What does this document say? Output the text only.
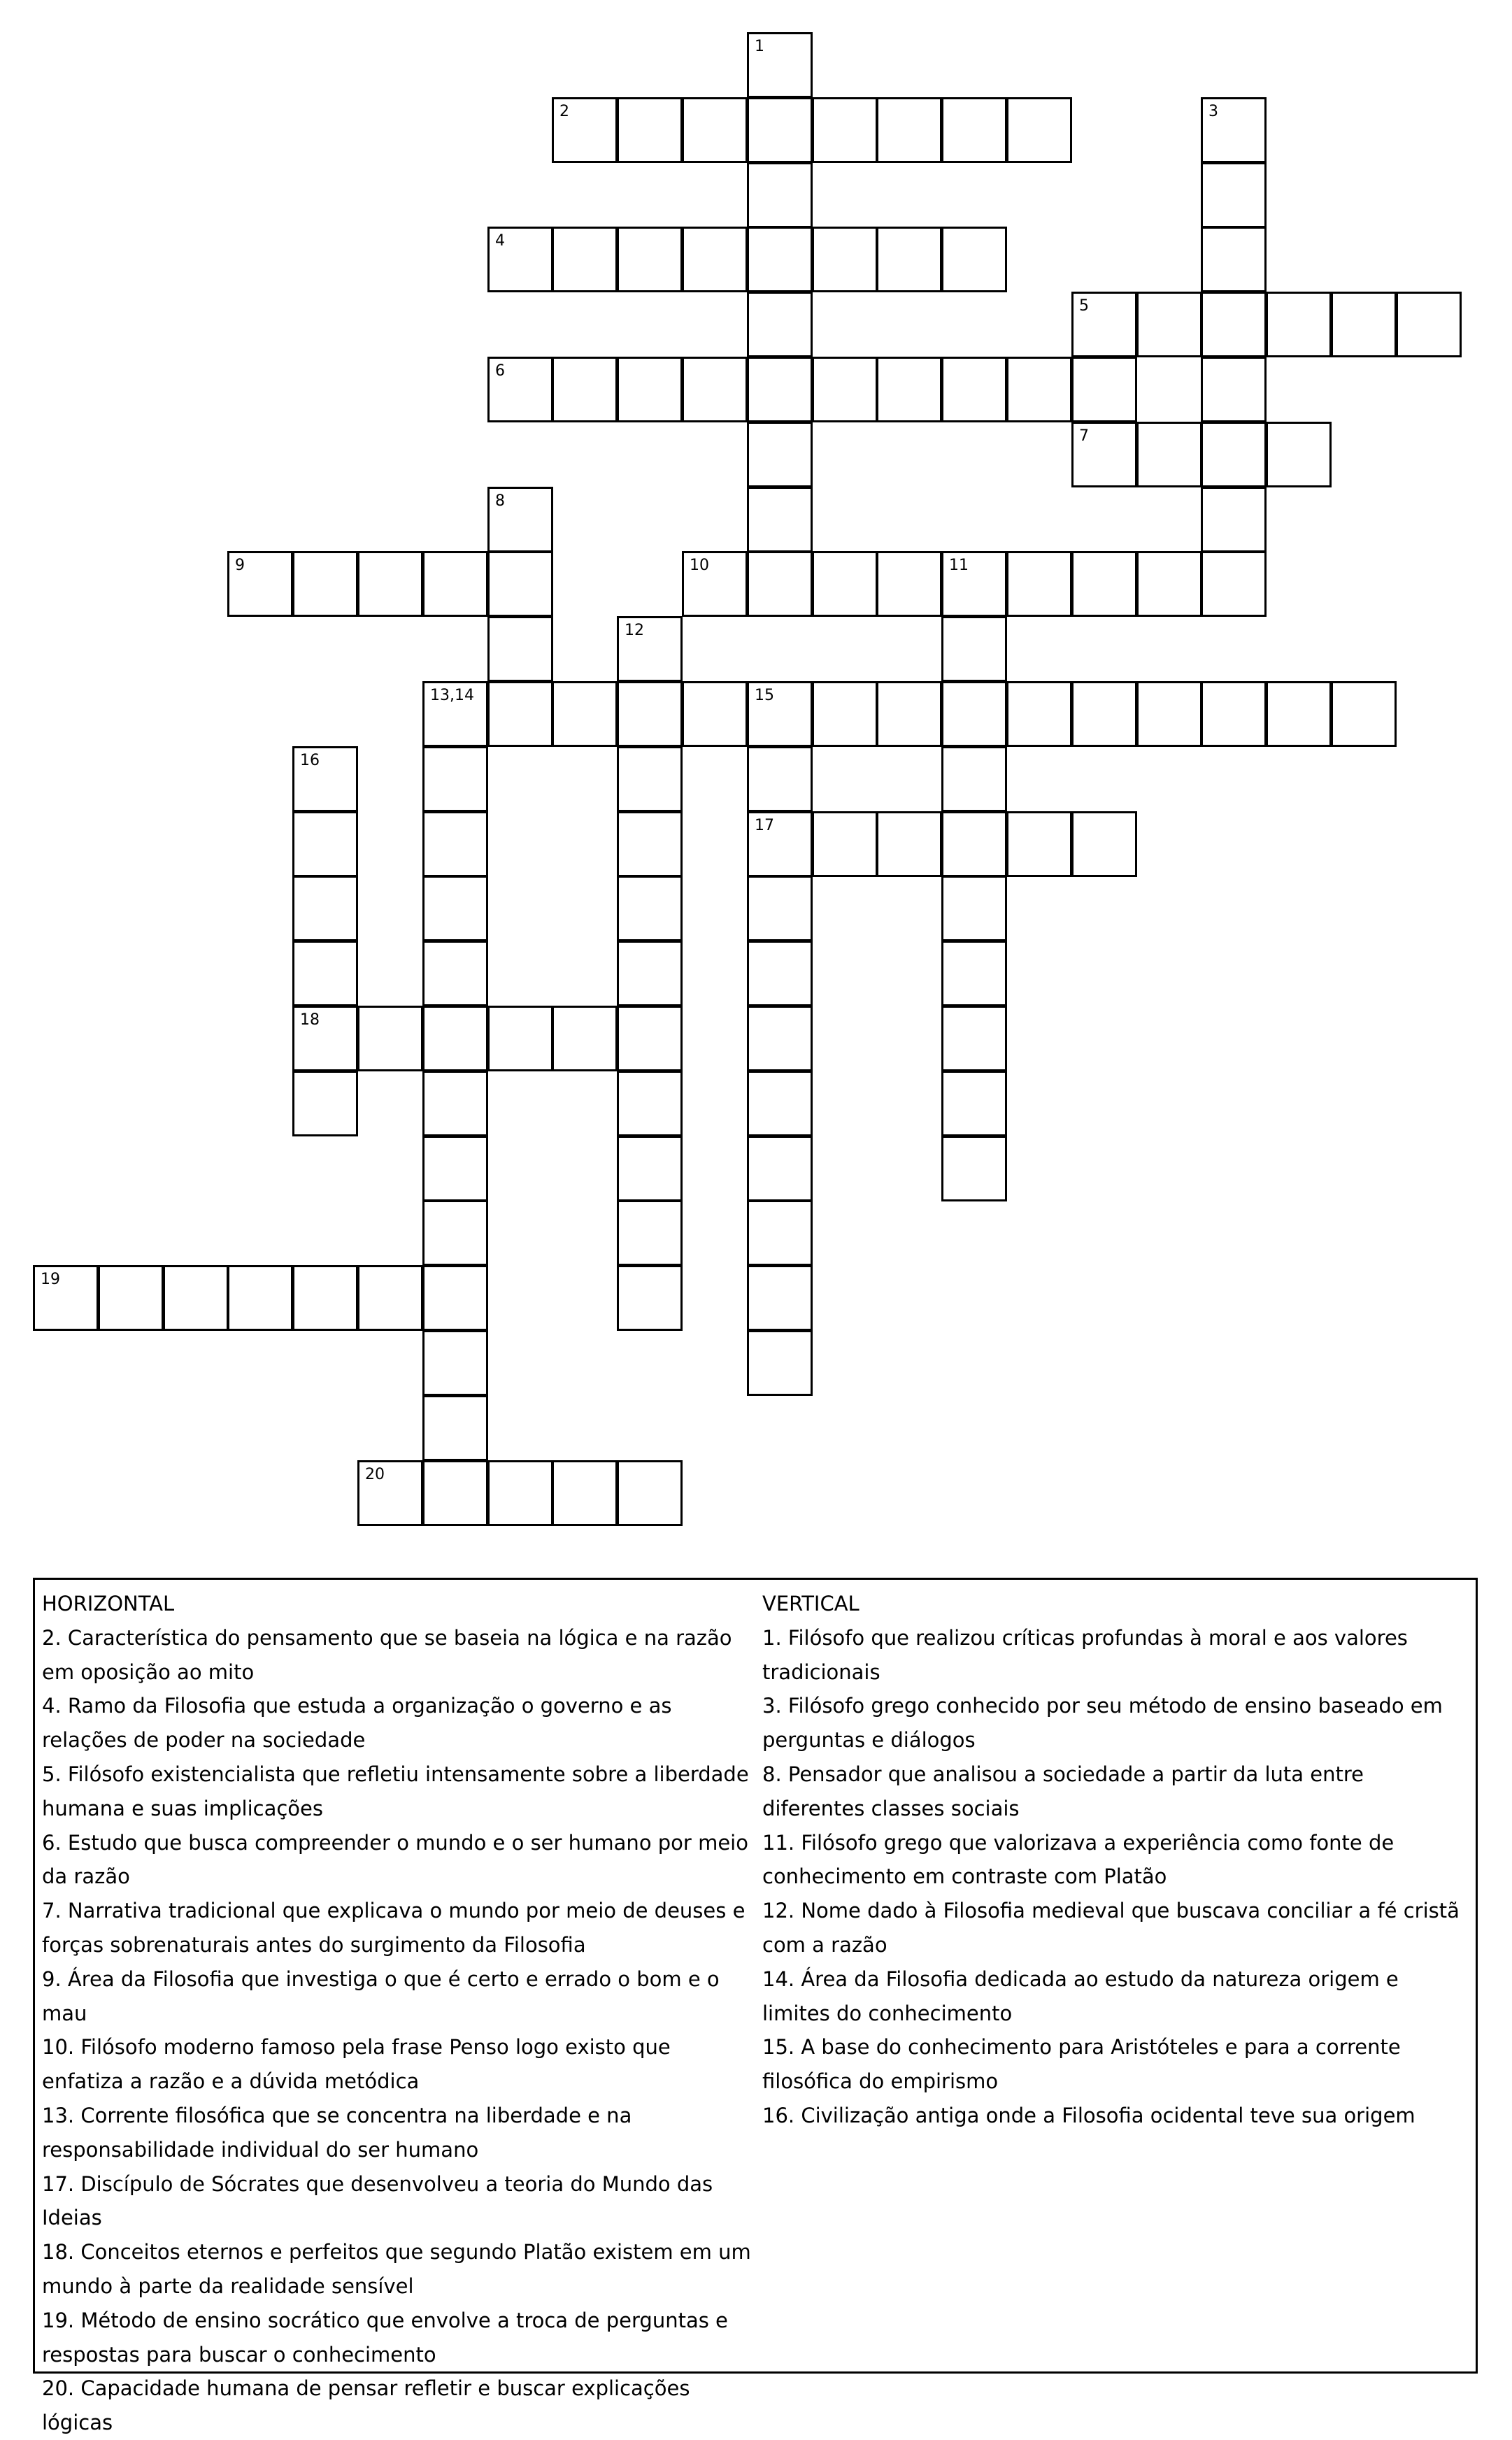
2
4
5
6
7
9	10	11
13,14	15
17
18
19
20
1
3
8
12
16

HORIZONTAL

2. Característica do pensamento que se baseia na lógica e na razão em oposição ao mito

4. Ramo da Filosofia que estuda a organização o governo e as relações de poder na sociedade

5. Filósofo existencialista que refletiu intensamente sobre a liberdade humana e suas implicações

6. Estudo que busca compreender o mundo e o ser humano por meio da razão

7. Narrativa tradicional que explicava o mundo por meio de deuses e forças sobrenaturais antes do surgimento da Filosofia

9. Área da Filosofia que investiga o que é certo e errado o bom e o mau

10. Filósofo moderno famoso pela frase Penso logo existo que enfatiza a razão e a dúvida metódica

13. Corrente filosófica que se concentra na liberdade e na responsabilidade individual do ser humano

17. Discípulo de Sócrates que desenvolveu a teoria do Mundo das Ideias

18. Conceitos eternos e perfeitos que segundo Platão existem em um mundo à parte da realidade sensível

19. Método de ensino socrático que envolve a troca de perguntas e respostas para buscar o conhecimento

20. Capacidade humana de pensar refletir e buscar explicações lógicas

VERTICAL

1. Filósofo que realizou críticas profundas à moral e aos valores tradicionais

3. Filósofo grego conhecido por seu método de ensino baseado em perguntas e diálogos

8. Pensador que analisou a sociedade a partir da luta entre diferentes classes sociais

11. Filósofo grego que valorizava a experiência como fonte de conhecimento em contraste com Platão

12. Nome dado à Filosofia medieval que buscava conciliar a fé cristã com a razão

14. Área da Filosofia dedicada ao estudo da natureza origem e limites do conhecimento

15. A base do conhecimento para Aristóteles e para a corrente filosófica do empirismo

16. Civilização antiga onde a Filosofia ocidental teve sua origem
